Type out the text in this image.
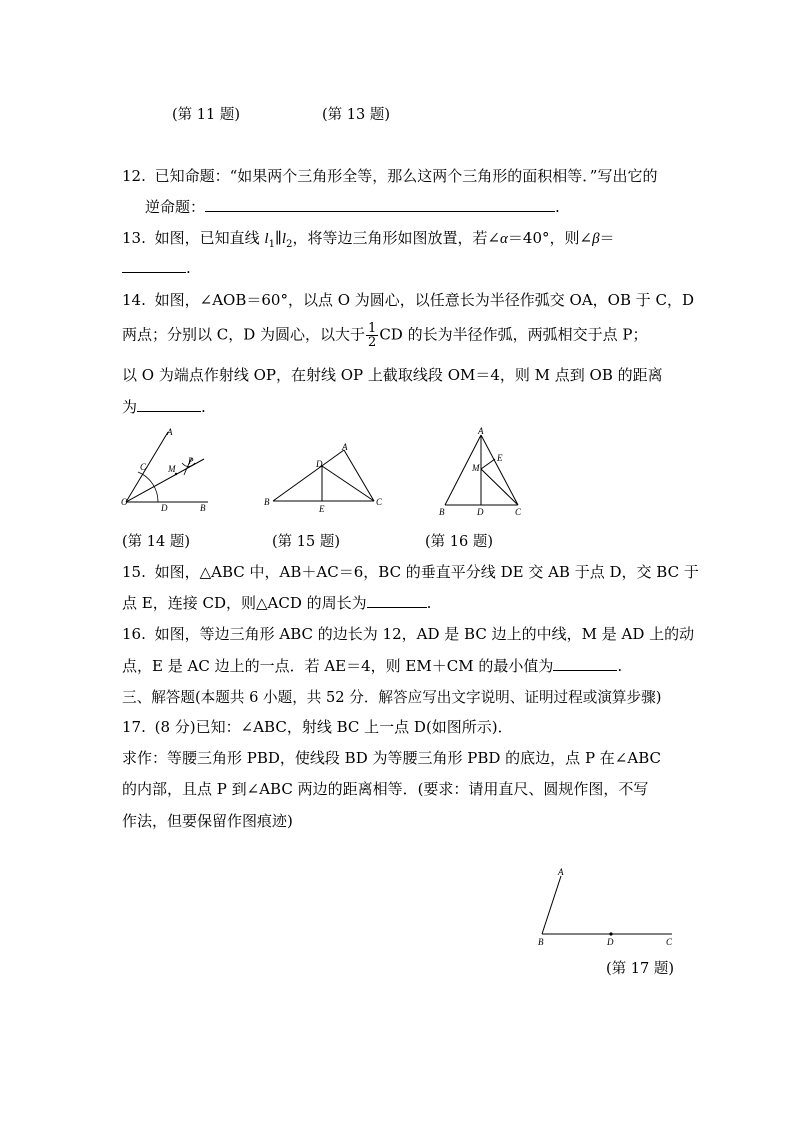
(第 11 题)	(第 13 题)
12. 已知命题：“如果两个三角形全等，那么这两个三角形的面积相等．”写出它的
逆命题：	.
13. 如图，已知直线 $l_1\parallel l_2$，将等边三角形如图放置，若∠α＝40°，则∠β＝
.
14. 如图，∠AOB＝60°，以点 O 为圆心，以任意长为半径作弧交 OA，OB 于 C，D
两点；分别以 C，D 为圆心，以大于 $\frac{1}{2}$ CD 的长为半径作弧，两弧相交于点 P；
以 O 为端点作射线 OP，在射线 OP 上截取线段 OM＝4，则 M 点到 OB 的距离
为	.
A
C M
P
O
D	B
A
D
B
E
C
A
M
E
B	D	C
(第 14 题)	(第 15 题)	(第 16 题)
15. 如图，△ABC 中，AB＋AC＝6，BC 的垂直平分线 DE 交 AB 于点 D，交 BC 于
点 E，连接 CD，则△ACD 的周长为	.
16. 如图，等边三角形 ABC 的边长为 12，AD 是 BC 边上的中线，M 是 AD 上的动
点，E 是 AC 边上的一点．若 AE＝4，则 EM＋CM 的最小值为	.
三、解答题(本题共 6 小题，共 52 分．解答应写出文字说明、证明过程或演算步骤)
17. (8 分)已知：∠ABC，射线 BC 上一点 D(如图所示)．
求作：等腰三角形 PBD，使线段 BD 为等腰三角形 PBD 的底边，点 P 在∠ABC
的内部，且点 P 到∠ABC 两边的距离相等．(要求：请用直尺、圆规作图，不写
作法，但要保留作图痕迹)
A
B	D	C
(第 17 题)
